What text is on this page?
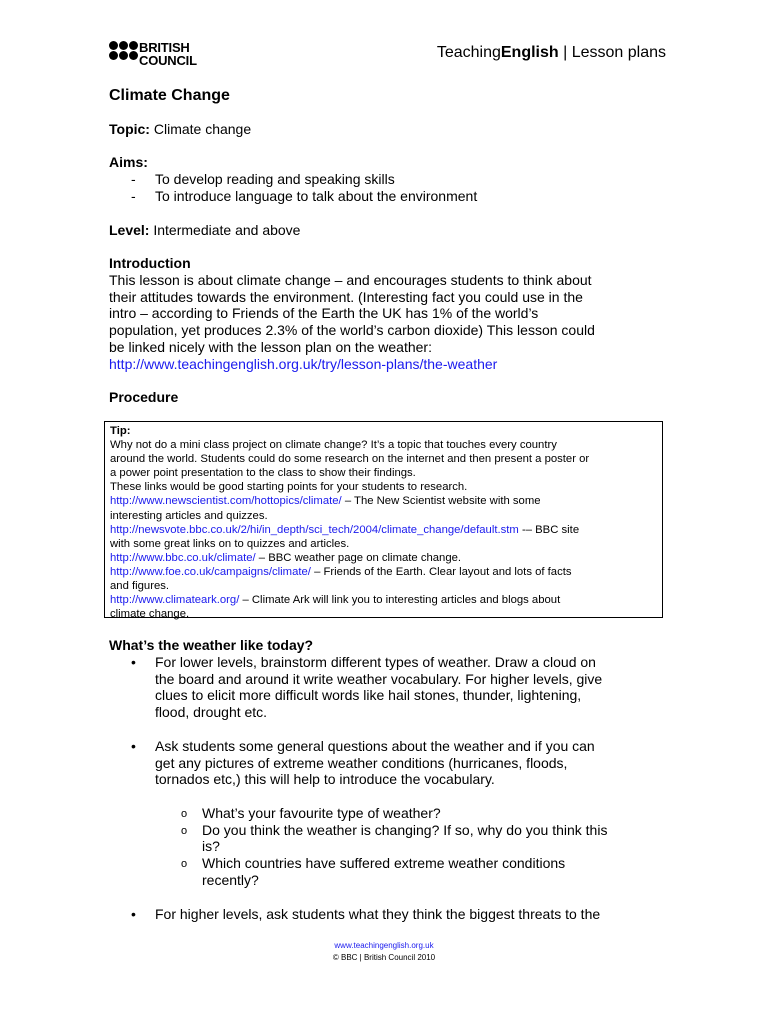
BRITISH
COUNCIL	TeachingEnglish | Lesson plans
Climate Change
Topic: Climate change
Aims:
- To develop reading and speaking skills
- To introduce language to talk about the environment
Level: Intermediate and above
Introduction
This lesson is about climate change – and encourages students to think about
their attitudes towards the environment. (Interesting fact you could use in the
intro – according to Friends of the Earth the UK has 1% of the world’s
population, yet produces 2.3% of the world’s carbon dioxide) This lesson could
be linked nicely with the lesson plan on the weather:
http://www.teachingenglish.org.uk/try/lesson-plans/the-weather
Procedure
Tip:
Why not do a mini class project on climate change? It’s a topic that touches every country
around the world. Students could do some research on the internet and then present a poster or
a power point presentation to the class to show their findings.
These links would be good starting points for your students to research.
http://www.newscientist.com/hottopics/climate/ – The New Scientist website with some
interesting articles and quizzes.
http://newsvote.bbc.co.uk/2/hi/in_depth/sci_tech/2004/climate_change/default.stm -– BBC site
with some great links on to quizzes and articles.
http://www.bbc.co.uk/climate/ – BBC weather page on climate change.
http://www.foe.co.uk/campaigns/climate/ – Friends of the Earth. Clear layout and lots of facts
and figures.
http://www.climateark.org/ – Climate Ark will link you to interesting articles and blogs about
climate change.
What’s the weather like today?
• For lower levels, brainstorm different types of weather. Draw a cloud on
the board and around it write weather vocabulary. For higher levels, give
clues to elicit more difficult words like hail stones, thunder, lightening,
flood, drought etc.
• Ask students some general questions about the weather and if you can
get any pictures of extreme weather conditions (hurricanes, floods,
tornados etc,) this will help to introduce the vocabulary.
o What’s your favourite type of weather?
o Do you think the weather is changing? If so, why do you think this
is?
o Which countries have suffered extreme weather conditions
recently?
• For higher levels, ask students what they think the biggest threats to the
www.teachingenglish.org.uk
© BBC | British Council 2010
